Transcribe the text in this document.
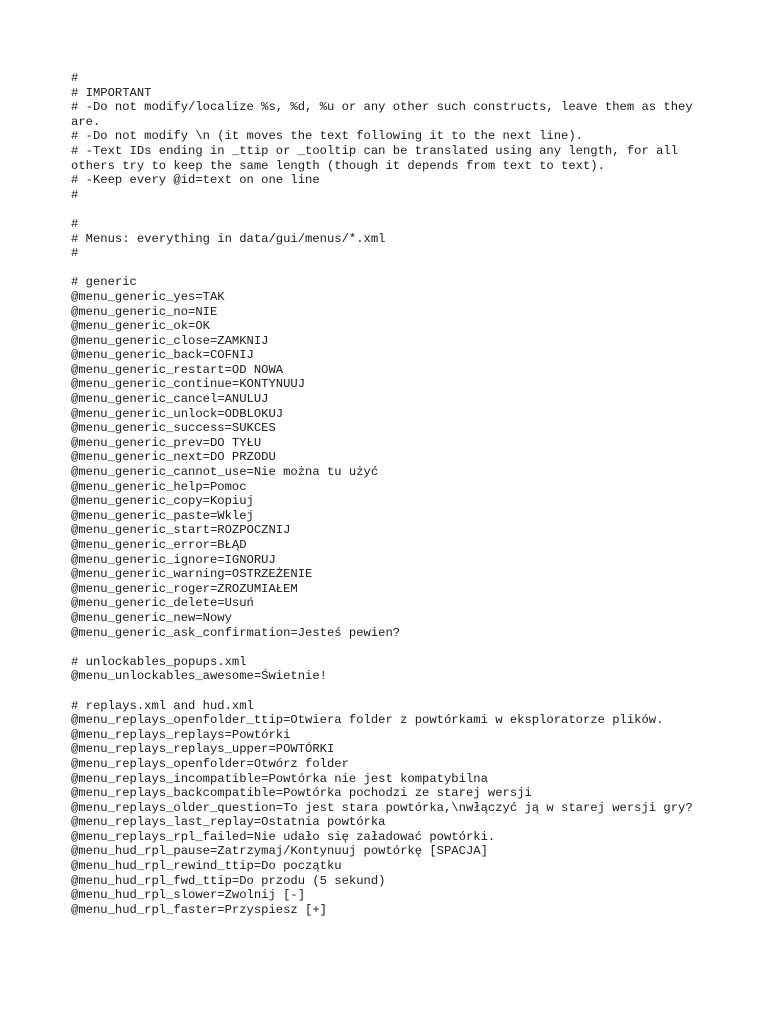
#
# IMPORTANT
# -Do not modify/localize %s, %d, %u or any other such constructs, leave them as they are.
# -Do not modify \n (it moves the text following it to the next line).
# -Text IDs ending in _ttip or _tooltip can be translated using any length, for all others try to keep the same length (though it depends from text to text).
# -Keep every @id=text on one line
#
#
# Menus: everything in data/gui/menus/*.xml
#
# generic
@menu_generic_yes=TAK
@menu_generic_no=NIE
@menu_generic_ok=OK
@menu_generic_close=ZAMKNIJ
@menu_generic_back=COFNIJ
@menu_generic_restart=OD NOWA
@menu_generic_continue=KONTYNUUJ
@menu_generic_cancel=ANULUJ
@menu_generic_unlock=ODBLOKUJ
@menu_generic_success=SUKCES
@menu_generic_prev=DO TYŁU
@menu_generic_next=DO PRZODU
@menu_generic_cannot_use=Nie można tu użyć
@menu_generic_help=Pomoc
@menu_generic_copy=Kopiuj
@menu_generic_paste=Wklej
@menu_generic_start=ROZPOCZNIJ
@menu_generic_error=BŁĄD
@menu_generic_ignore=IGNORUJ
@menu_generic_warning=OSTRZEŻENIE
@menu_generic_roger=ZROZUMIAŁEM
@menu_generic_delete=Usuń
@menu_generic_new=Nowy
@menu_generic_ask_confirmation=Jesteś pewien?
# unlockables_popups.xml
@menu_unlockables_awesome=Świetnie!
# replays.xml and hud.xml
@menu_replays_openfolder_ttip=Otwiera folder z powtórkami w eksploratorze plików.
@menu_replays_replays=Powtórki
@menu_replays_replays_upper=POWTÓRKI
@menu_replays_openfolder=Otwórz folder
@menu_replays_incompatible=Powtórka nie jest kompatybilna
@menu_replays_backcompatible=Powtórka pochodzi ze starej wersji
@menu_replays_older_question=To jest stara powtórka,\nwłączyć ją w starej wersji gry?
@menu_replays_last_replay=Ostatnia powtórka
@menu_replays_rpl_failed=Nie udało się załadować powtórki.
@menu_hud_rpl_pause=Zatrzymaj/Kontynuuj powtórkę [SPACJA]
@menu_hud_rpl_rewind_ttip=Do początku
@menu_hud_rpl_fwd_ttip=Do przodu (5 sekund)
@menu_hud_rpl_slower=Zwolnij [-]
@menu_hud_rpl_faster=Przyspiesz [+]
